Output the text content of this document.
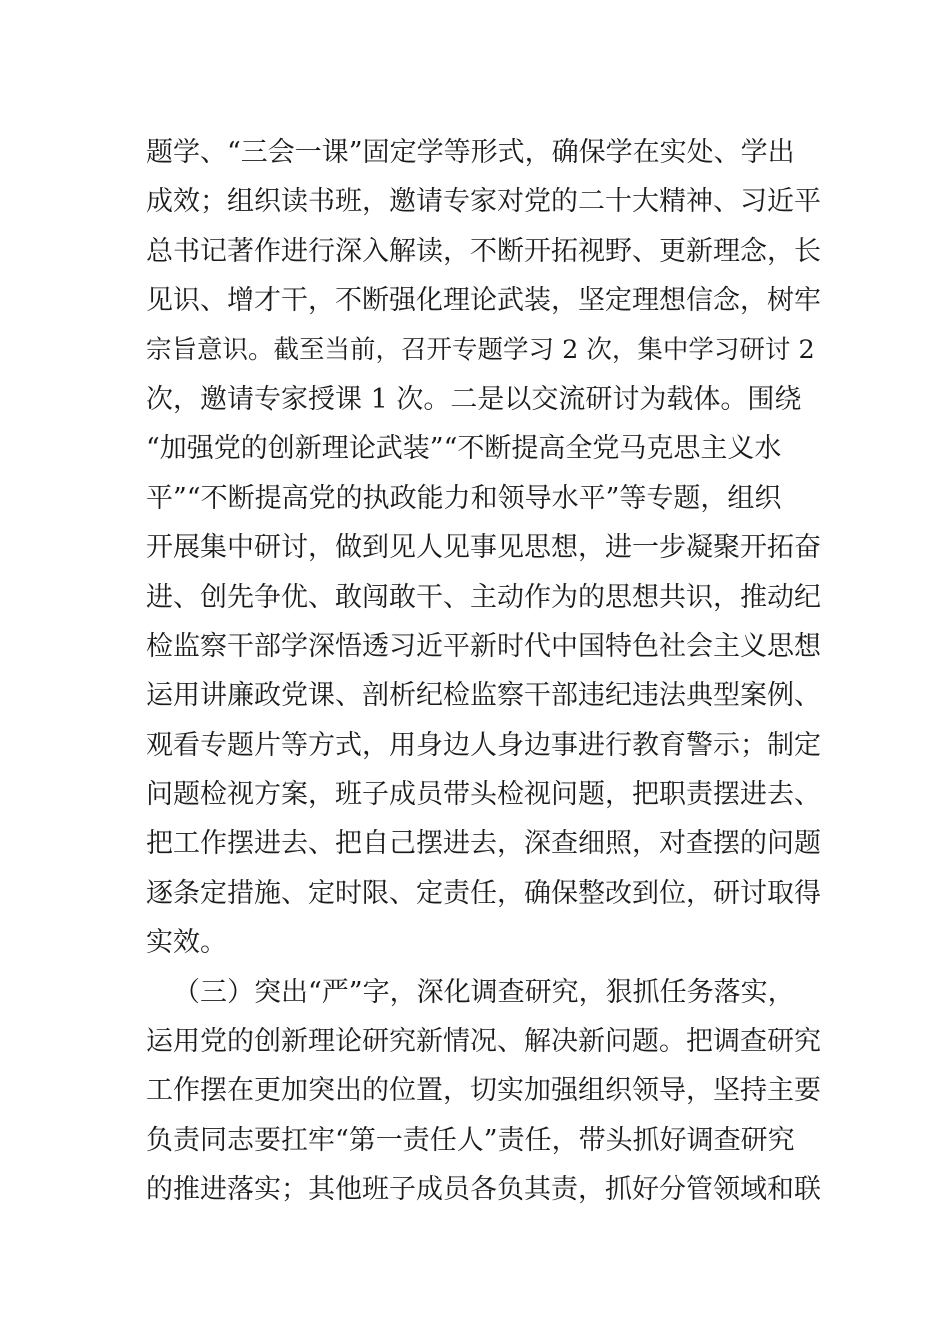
题学、“三会一课”固定学等形式，确保学在实处、学出
成效；组织读书班，邀请专家对党的二十大精神、习近平
总书记著作进行深入解读，不断开拓视野、更新理念，长
见识、增才干，不断强化理论武装，坚定理想信念，树牢
宗旨意识。截至当前，召开专题学习 2 次，集中学习研讨 2
次，邀请专家授课 1 次。二是以交流研讨为载体。围绕
“加强党的创新理论武装”“不断提高全党马克思主义水
平”“不断提高党的执政能力和领导水平”等专题，组织
开展集中研讨，做到见人见事见思想，进一步凝聚开拓奋
进、创先争优、敢闯敢干、主动作为的思想共识，推动纪
检监察干部学深悟透习近平新时代中国特色社会主义思想
运用讲廉政党课、剖析纪检监察干部违纪违法典型案例、
观看专题片等方式，用身边人身边事进行教育警示；制定
问题检视方案，班子成员带头检视问题，把职责摆进去、
把工作摆进去、把自己摆进去，深查细照，对查摆的问题
逐条定措施、定时限、定责任，确保整改到位，研讨取得
实效。
（三）突出“严”字，深化调查研究，狠抓任务落实，
运用党的创新理论研究新情况、解决新问题。把调查研究
工作摆在更加突出的位置，切实加强组织领导，坚持主要
负责同志要扛牢“第一责任人”责任，带头抓好调查研究
的推进落实；其他班子成员各负其责，抓好分管领域和联
